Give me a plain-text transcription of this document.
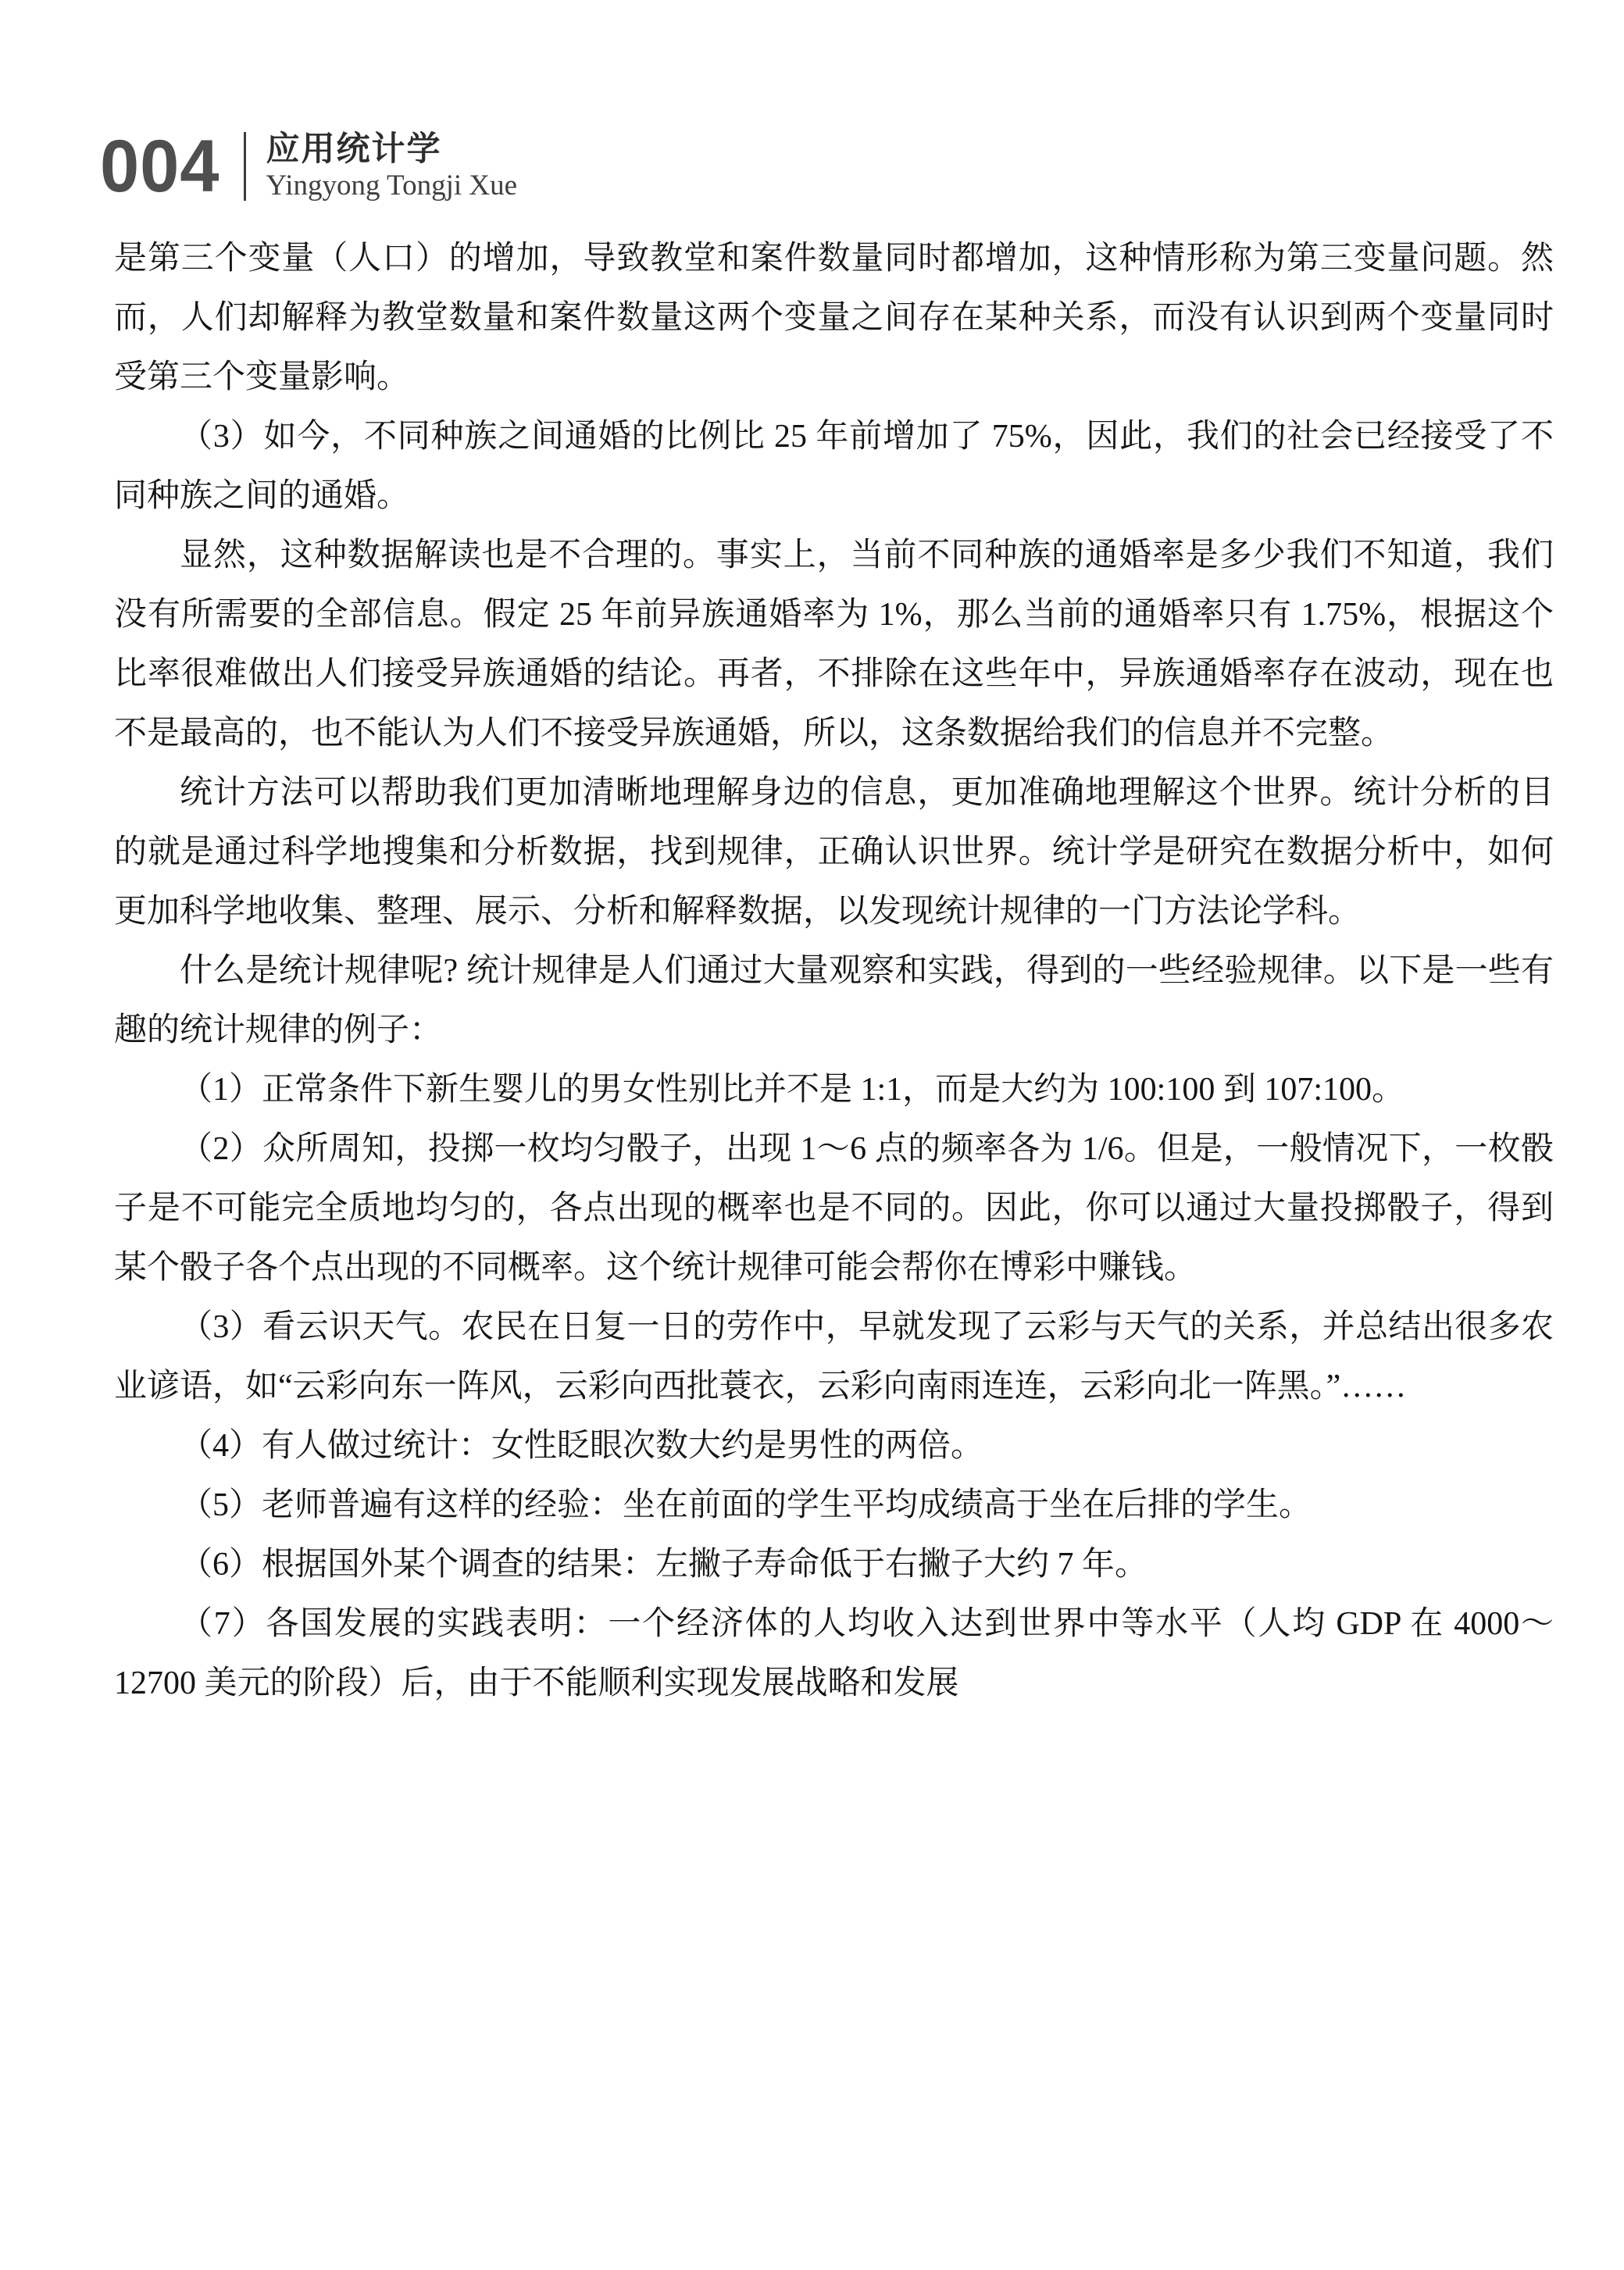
004 应用统计学
Yingyong Tongji Xue

是第三个变量（人口）的增加，导致教堂和案件数量同时都增加，这种情形称为第三变量问题。然而，人们却解释为教堂数量和案件数量这两个变量之间存在某种关系，而没有认识到两个变量同时受第三个变量影响。

（3）如今，不同种族之间通婚的比例比 25 年前增加了 75%，因此，我们的社会已经接受了不同种族之间的通婚。

显然，这种数据解读也是不合理的。事实上，当前不同种族的通婚率是多少我们不知道，我们没有所需要的全部信息。假定 25 年前异族通婚率为 1%，那么当前的通婚率只有 1.75%，根据这个比率很难做出人们接受异族通婚的结论。再者，不排除在这些年中，异族通婚率存在波动，现在也不是最高的，也不能认为人们不接受异族通婚，所以，这条数据给我们的信息并不完整。

统计方法可以帮助我们更加清晰地理解身边的信息，更加准确地理解这个世界。统计分析的目的就是通过科学地搜集和分析数据，找到规律，正确认识世界。统计学是研究在数据分析中，如何更加科学地收集、整理、展示、分析和解释数据，以发现统计规律的一门方法论学科。

什么是统计规律呢? 统计规律是人们通过大量观察和实践，得到的一些经验规律。以下是一些有趣的统计规律的例子：

（1）正常条件下新生婴儿的男女性别比并不是 1:1，而是大约为 100:100 到 107:100。

（2）众所周知，投掷一枚均匀骰子，出现 1～6 点的频率各为 1/6。但是，一般情况下，一枚骰子是不可能完全质地均匀的，各点出现的概率也是不同的。因此，你可以通过大量投掷骰子，得到某个骰子各个点出现的不同概率。这个统计规律可能会帮你在博彩中赚钱。

（3）看云识天气。农民在日复一日的劳作中，早就发现了云彩与天气的关系，并总结出很多农业谚语，如“云彩向东一阵风，云彩向西批蓑衣，云彩向南雨连连，云彩向北一阵黑。”……

（4）有人做过统计：女性眨眼次数大约是男性的两倍。

（5）老师普遍有这样的经验：坐在前面的学生平均成绩高于坐在后排的学生。

（6）根据国外某个调查的结果：左撇子寿命低于右撇子大约 7 年。

（7）各国发展的实践表明：一个经济体的人均收入达到世界中等水平（人均 GDP 在 4000～12700 美元的阶段）后，由于不能顺利实现发展战略和发展
